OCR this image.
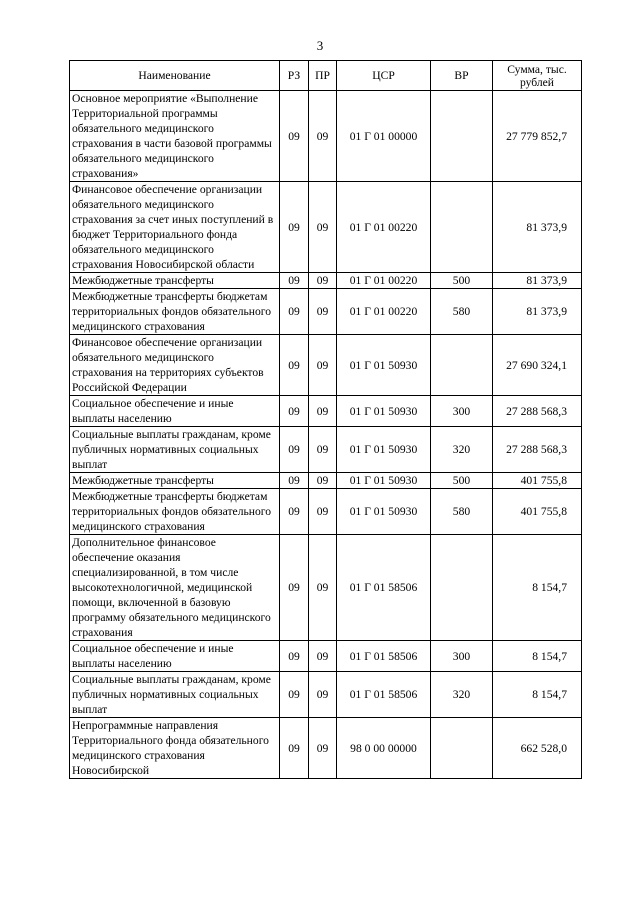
3
Наименование	РЗ	ПР	ЦСР	ВР	Сумма, тыс. рублей
Основное мероприятие «Выполнение Территориальной программы обязательного медицинского страхования в части базовой программы обязательного медицинского страхования»	09	09	01 Г 01 00000		27 779 852,7
Финансовое обеспечение организации обязательного медицинского страхования за счет иных поступлений в бюджет Территориального фонда обязательного медицинского страхования Новосибирской области	09	09	01 Г 01 00220		81 373,9
Межбюджетные трансферты	09	09	01 Г 01 00220	500	81 373,9
Межбюджетные трансферты бюджетам территориальных фондов обязательного медицинского страхования	09	09	01 Г 01 00220	580	81 373,9
Финансовое обеспечение организации обязательного медицинского страхования на территориях субъектов Российской Федерации	09	09	01 Г 01 50930		27 690 324,1
Социальное обеспечение и иные выплаты населению	09	09	01 Г 01 50930	300	27 288 568,3
Социальные выплаты гражданам, кроме публичных нормативных социальных выплат	09	09	01 Г 01 50930	320	27 288 568,3
Межбюджетные трансферты	09	09	01 Г 01 50930	500	401 755,8
Межбюджетные трансферты бюджетам территориальных фондов обязательного медицинского страхования	09	09	01 Г 01 50930	580	401 755,8
Дополнительное финансовое обеспечение оказания специализированной, в том числе высокотехнологичной, медицинской помощи, включенной в базовую программу обязательного медицинского страхования	09	09	01 Г 01 58506		8 154,7
Социальное обеспечение и иные выплаты населению	09	09	01 Г 01 58506	300	8 154,7
Социальные выплаты гражданам, кроме публичных нормативных социальных выплат	09	09	01 Г 01 58506	320	8 154,7
Непрограммные направления Территориального фонда обязательного медицинского страхования Новосибирской	09	09	98 0 00 00000		662 528,0
